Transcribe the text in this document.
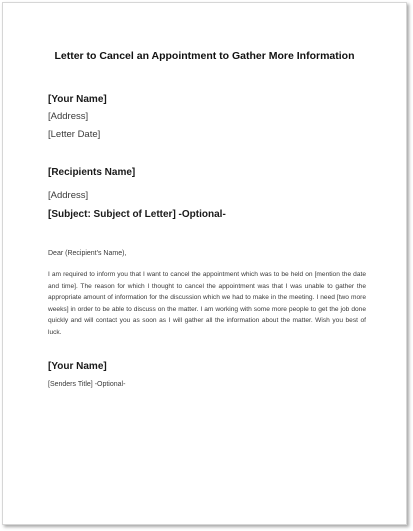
Letter to Cancel an Appointment to Gather More Information
[Your Name]
[Address]
[Letter Date]
[Recipients Name]
[Address]
[Subject: Subject of Letter] -Optional-
Dear (Recipient's Name),
I am required to inform you that I want to cancel the appointment which was to be held on [mention the date and time]. The reason for which I thought to cancel the appointment was that I was unable to gather the appropriate amount of information for the discussion which we had to make in the meeting. I need [two more weeks] in order to be able to discuss on the matter. I am working with some more people to get the job done quickly and will contact you as soon as I will gather all the information about the matter. Wish you best of luck.
[Your Name]
[Senders Title] -Optional-
